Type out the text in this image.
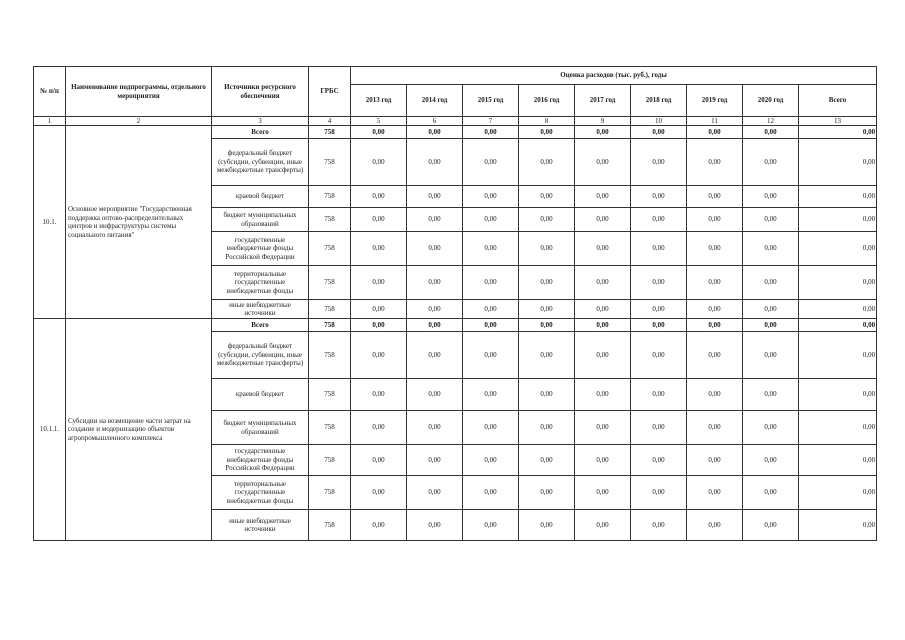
№ п/п	Наименование подпрограммы, отдельного мероприятия	Источники ресурсного обеспечения	ГРБС	Оценка расходов (тыс. руб.), годы								
				2013 год	2014 год	2015 год	2016 год	2017 год	2018 год	2019 год	2020 год	Всего
1	2	3	4	5	6	7	8	9	10	11	12	13
10.1.	Основное мероприятие "Государственная поддержка оптово-распределительных центров и инфраструктуры системы социального питания"	Всего	758	0,00	0,00	0,00	0,00	0,00	0,00	0,00	0,00	0,00
		федеральный бюджет (субсидии, субвенции, иные межбюджетные трансферты)	758	0,00	0,00	0,00	0,00	0,00	0,00	0,00	0,00	0,00
		краевой бюджет	758	0,00	0,00	0,00	0,00	0,00	0,00	0,00	0,00	0,00
		бюджет муниципальных образований	758	0,00	0,00	0,00	0,00	0,00	0,00	0,00	0,00	0,00
		государственные внебюджетные фонды Российской Федерации	758	0,00	0,00	0,00	0,00	0,00	0,00	0,00	0,00	0,00
		территориальные государственные внебюджетные фонды	758	0,00	0,00	0,00	0,00	0,00	0,00	0,00	0,00	0,00
		иные внебюджетные источники	758	0,00	0,00	0,00	0,00	0,00	0,00	0,00	0,00	0,00
10.1.1.	Субсидии на возмещение части затрат на создание и модернизацию объектов агропромышленного комплекса	Всего	758	0,00	0,00	0,00	0,00	0,00	0,00	0,00	0,00	0,00
		федеральный бюджет (субсидии, субвенции, иные межбюджетные трансферты)	758	0,00	0,00	0,00	0,00	0,00	0,00	0,00	0,00	0,00
		краевой бюджет	758	0,00	0,00	0,00	0,00	0,00	0,00	0,00	0,00	0,00
		бюджет муниципальных образований	758	0,00	0,00	0,00	0,00	0,00	0,00	0,00	0,00	0,00
		государственные внебюджетные фонды Российской Федерации	758	0,00	0,00	0,00	0,00	0,00	0,00	0,00	0,00	0,00
		территориальные государственные внебюджетные фонды	758	0,00	0,00	0,00	0,00	0,00	0,00	0,00	0,00	0,00
		иные внебюджетные источники	758	0,00	0,00	0,00	0,00	0,00	0,00	0,00	0,00	0,00
